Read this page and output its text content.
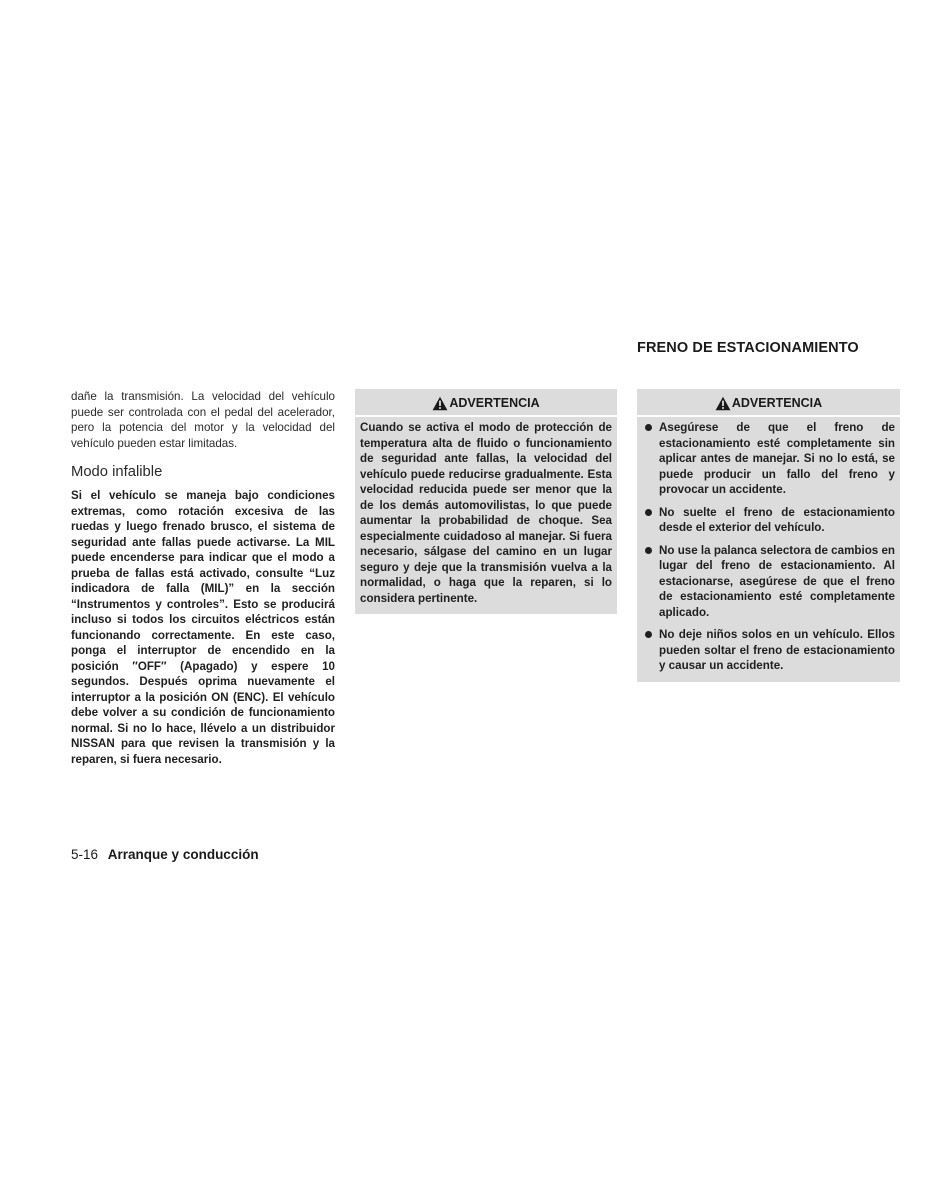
FRENO DE ESTACIONAMIENTO

dañe la transmisión. La velocidad del vehículo puede ser controlada con el pedal del acelerador, pero la potencia del motor y la velocidad del vehículo pueden estar limitadas.

Modo infalible

Si el vehículo se maneja bajo condiciones extremas, como rotación excesiva de las ruedas y luego frenado brusco, el sistema de seguridad ante fallas puede activarse. La MIL puede encenderse para indicar que el modo a prueba de fallas está activado, consulte “Luz indicadora de falla (MIL)” en la sección “Instrumentos y controles”. Esto se producirá incluso si todos los circuitos eléctricos están funcionando correctamente. En este caso, ponga el interruptor de encendido en la posición ″OFF″ (Apagado) y espere 10 segundos. Después oprima nuevamente el interruptor a la posición ON (ENC). El vehículo debe volver a su condición de funcionamiento normal. Si no lo hace, llévelo a un distribuidor NISSAN para que revisen la transmisión y la reparen, si fuera necesario.

ADVERTENCIA

Cuando se activa el modo de protección de temperatura alta de fluido o funcionamiento de seguridad ante fallas, la velocidad del vehículo puede reducirse gradualmente. Esta velocidad reducida puede ser menor que la de los demás automovilistas, lo que puede aumentar la probabilidad de choque. Sea especialmente cuidadoso al manejar. Si fuera necesario, sálgase del camino en un lugar seguro y deje que la transmisión vuelva a la normalidad, o haga que la reparen, si lo considera pertinente.

ADVERTENCIA
Asegúrese de que el freno de estacionamiento esté completamente sin aplicar antes de manejar. Si no lo está, se puede producir un fallo del freno y provocar un accidente.
No suelte el freno de estacionamiento desde el exterior del vehículo.
No use la palanca selectora de cambios en lugar del freno de estacionamiento. Al estacionarse, asegúrese de que el freno de estacionamiento esté completamente aplicado.
No deje niños solos en un vehículo. Ellos pueden soltar el freno de estacionamiento y causar un accidente.
5-16 Arranque y conducción
